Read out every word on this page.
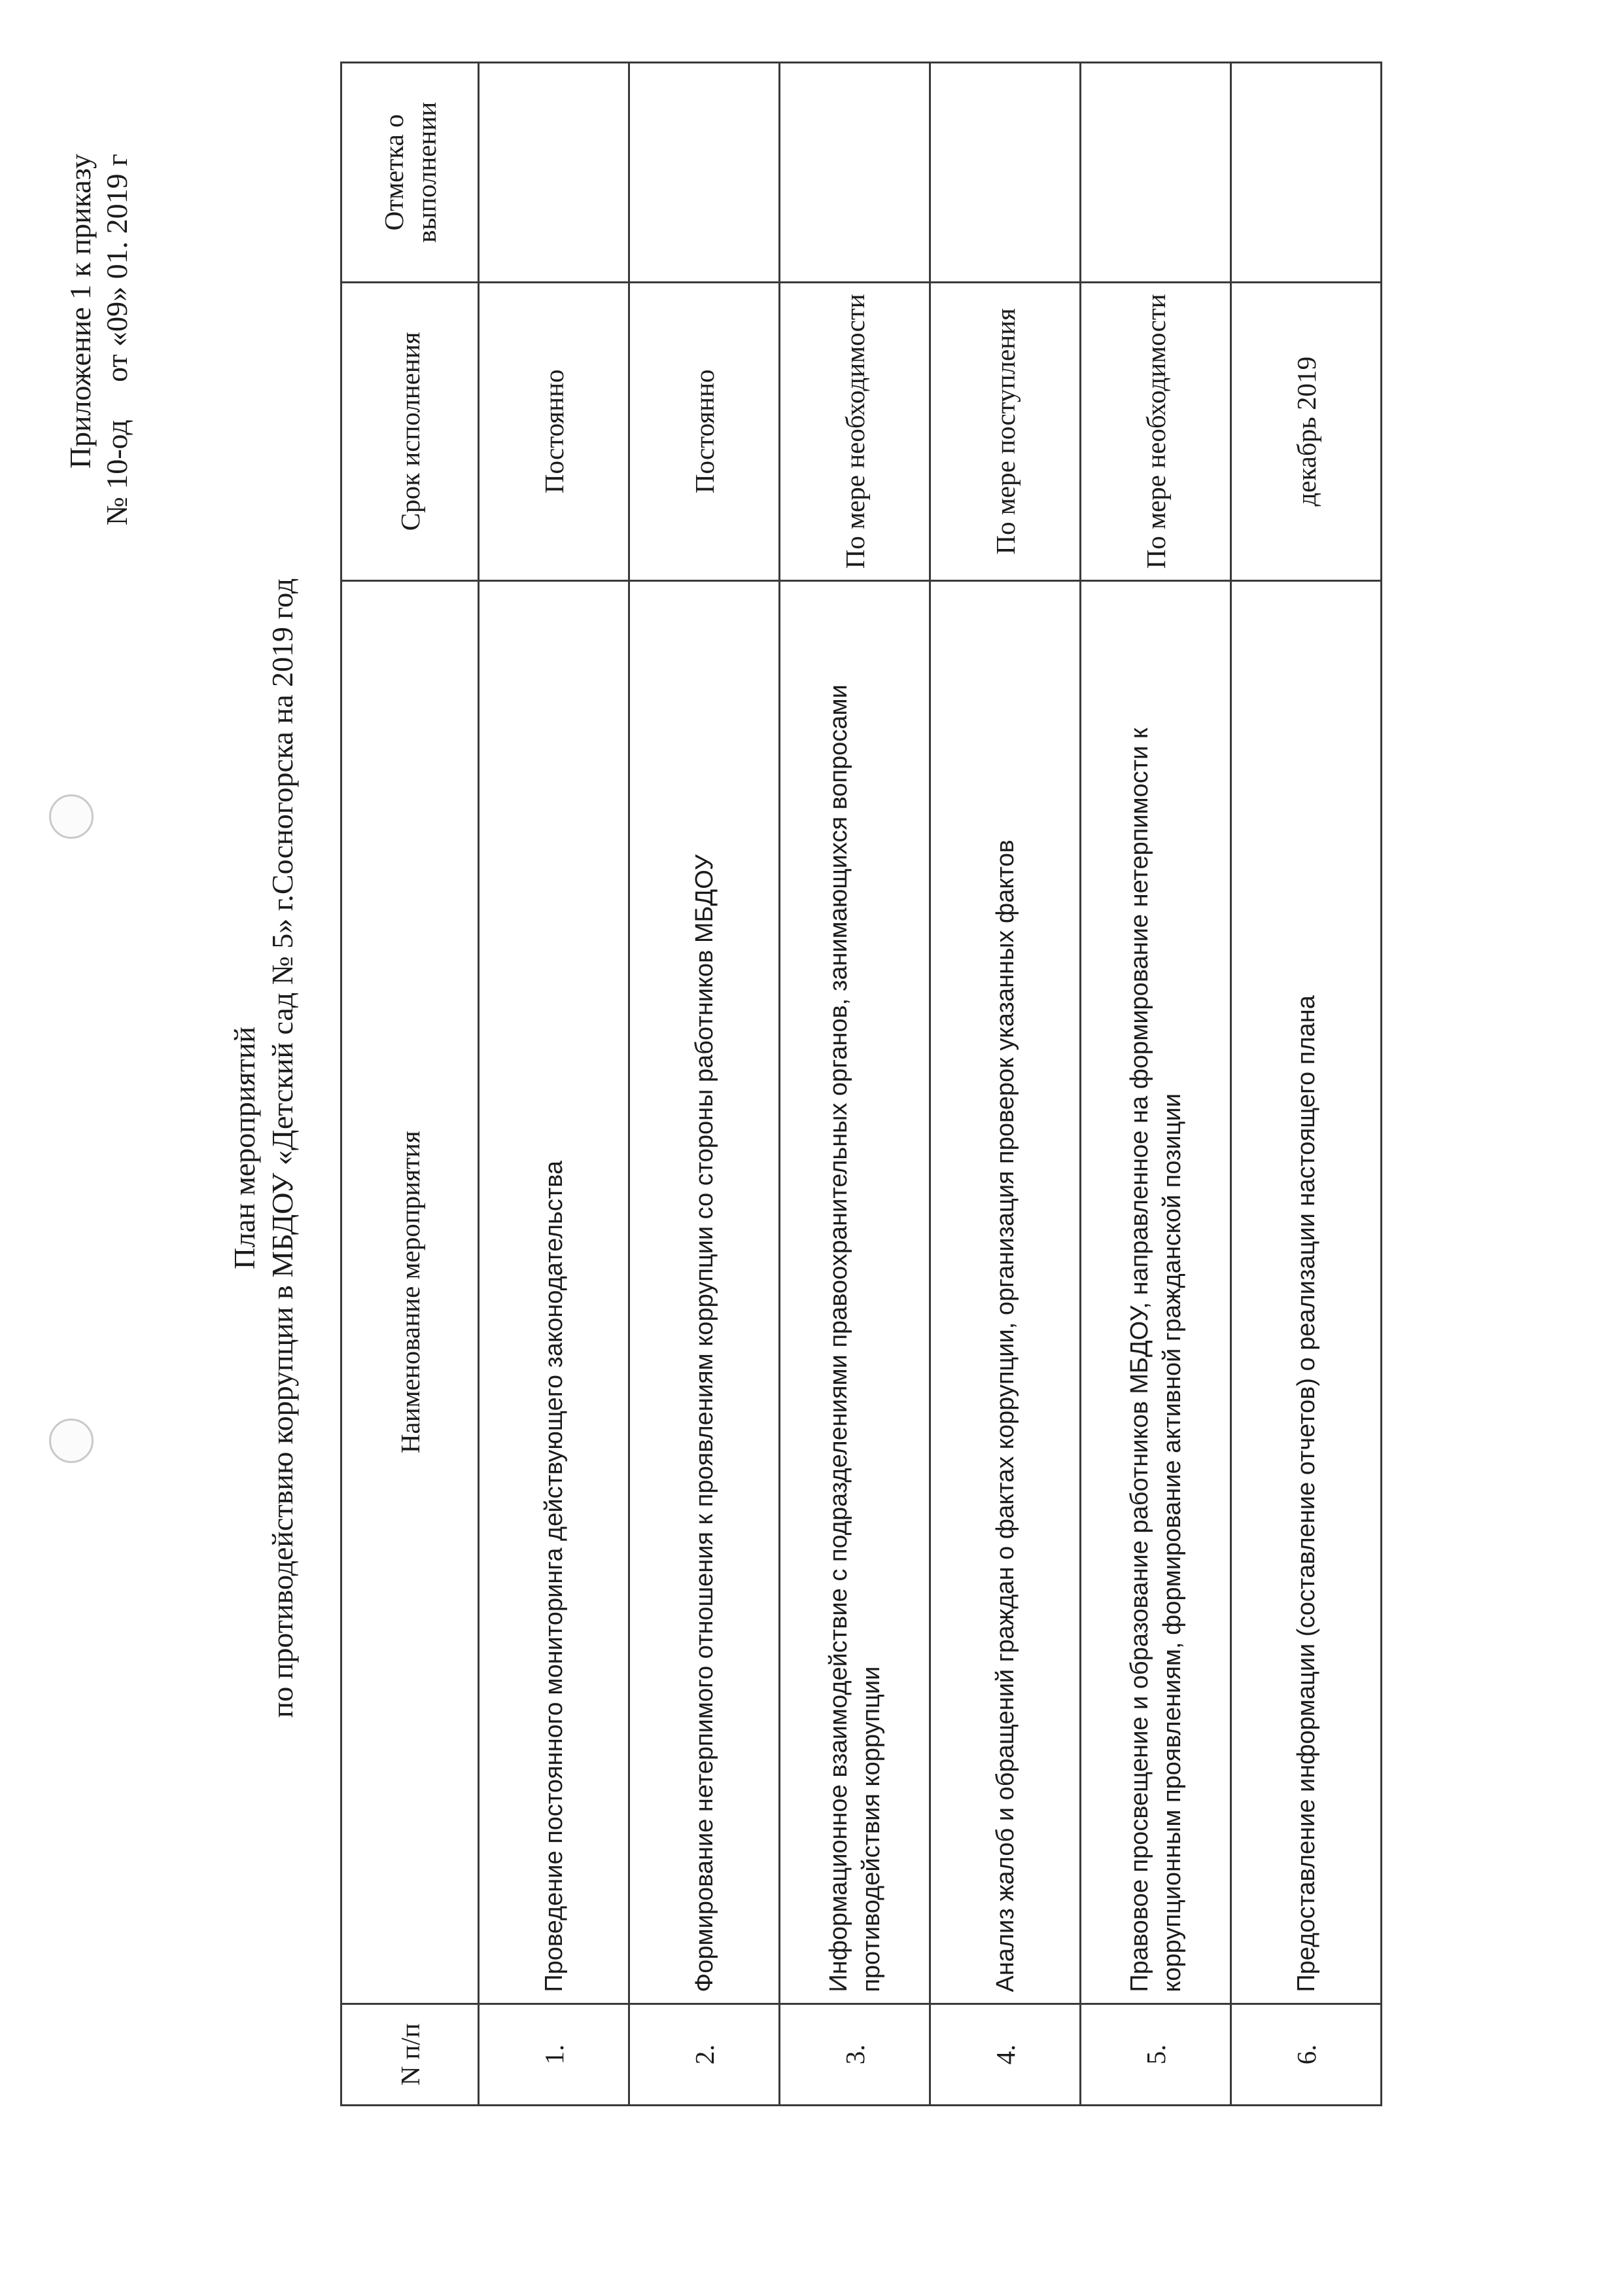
Приложение 1 к приказу № 10-од     от «09» 01. 2019 г
План мероприятий по противодействию коррупции в МБДОУ «Детский сад № 5» г.Сосногорска на 2019 год
N п/п	Наименование мероприятия	Срок исполнения	Отметка о выполнении
1.	Проведение постоянного мониторинга действующего законодательства	Постоянно	
2.	Формирование нетерпимого отношения к проявлениям коррупции со стороны работников МБДОУ	Постоянно	
3.	Информационное взаимодействие с подразделениями правоохранительных органов, занимающихся вопросами противодействия коррупции	По мере необходимости	
4.	Анализ жалоб и обращений граждан о фактах коррупции, организация проверок указанных фактов	По мере поступления	
5.	Правовое просвещение и образование работников МБДОУ, направленное на формирование нетерпимости к коррупционным проявлениям, формирование активной гражданской позиции	По мере необходимости	
6.	Предоставление информации (составление отчетов) о реализации настоящего плана	декабрь 2019	
